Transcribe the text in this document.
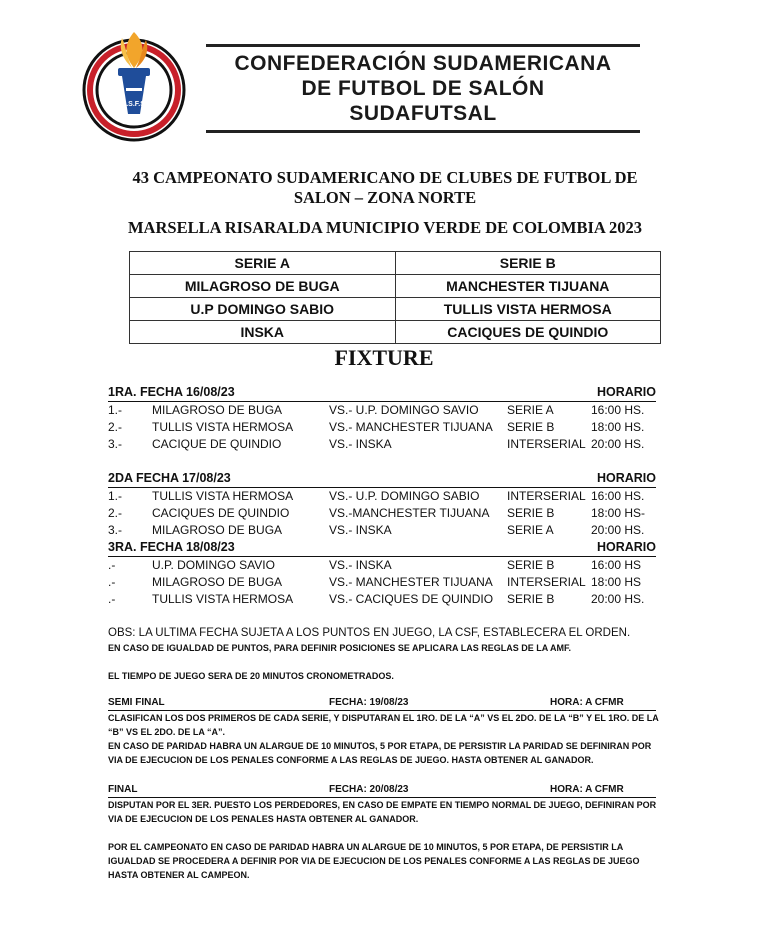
C.S.F.S.
CONFEDERACIÓN SUDAMERICANA
DE FUTBOL DE SALÓN
SUDAFUTSAL
43 CAMPEONATO SUDAMERICANO DE CLUBES DE FUTBOL DE
SALON – ZONA NORTE
MARSELLA RISARALDA MUNICIPIO VERDE DE COLOMBIA 2023
SERIE A	SERIE B
MILAGROSO DE BUGA	MANCHESTER TIJUANA
U.P DOMINGO SABIO	TULLIS VISTA HERMOSA
INSKA	CACIQUES DE QUINDIO
FIXTURE
1RA. FECHA 16/08/23	HORARIO
1.- MILAGROSO DE BUGA	VS.- U.P. DOMINGO SAVIO SERIE A	16:00 HS.
2.- TULLIS VISTA HERMOSA	VS.- MANCHESTER TIJUANA SERIE B	18:00 HS.
3.- CACIQUE DE QUINDIO	VS.- INSKA	INTERSERIAL 20:00 HS.
2DA FECHA 17/08/23	HORARIO
1.- TULLIS VISTA HERMOSA	VS.- U.P. DOMINGO SABIO INTERSERIAL 16:00 HS.
2.- CACIQUES DE QUINDIO	VS.-MANCHESTER TIJUANA SERIE B	18:00 HS-
3.- MILAGROSO DE BUGA	VS.- INSKA	SERIE A	20:00 HS.
3RA. FECHA 18/08/23	HORARIO
.-	U.P. DOMINGO SAVIO	VS.- INSKA	SERIE B	16:00 HS
.-	MILAGROSO DE BUGA	VS.- MANCHESTER TIJUANA INTERSERIAL 18:00 HS
.-	TULLIS VISTA HERMOSA	VS.- CACIQUES DE QUINDIO SERIE B	20:00 HS.
OBS: LA ULTIMA FECHA SUJETA A LOS PUNTOS EN JUEGO, LA CSF, ESTABLECERA EL ORDEN.
EN CASO DE IGUALDAD DE PUNTOS, PARA DEFINIR POSICIONES SE APLICARA LAS REGLAS DE LA AMF.
EL TIEMPO DE JUEGO SERA DE 20 MINUTOS CRONOMETRADOS.
SEMI FINAL	FECHA: 19/08/23	HORA: A CFMR
CLASIFICAN LOS DOS PRIMEROS DE CADA SERIE, Y DISPUTARAN EL 1RO. DE LA “A” VS EL 2DO. DE LA “B” Y EL 1RO. DE LA “B” VS EL 2DO. DE LA “A”.
EN CASO DE PARIDAD HABRA UN ALARGUE DE 10 MINUTOS, 5 POR ETAPA, DE PERSISTIR LA PARIDAD SE DEFINIRAN POR VIA DE EJECUCION DE LOS PENALES CONFORME A LAS REGLAS DE JUEGO. HASTA OBTENER AL GANADOR.
FINAL	FECHA: 20/08/23	HORA: A CFMR
DISPUTAN POR EL 3ER. PUESTO LOS PERDEDORES, EN CASO DE EMPATE EN TIEMPO NORMAL DE JUEGO, DEFINIRAN POR VIA DE EJECUCION DE LOS PENALES HASTA OBTENER AL GANADOR.
POR EL CAMPEONATO EN CASO DE PARIDAD HABRA UN ALARGUE DE 10 MINUTOS, 5 POR ETAPA, DE PERSISTIR LA IGUALDAD SE PROCEDERA A DEFINIR POR VIA DE EJECUCION DE LOS PENALES CONFORME A LAS REGLAS DE JUEGO HASTA OBTENER AL CAMPEON.
